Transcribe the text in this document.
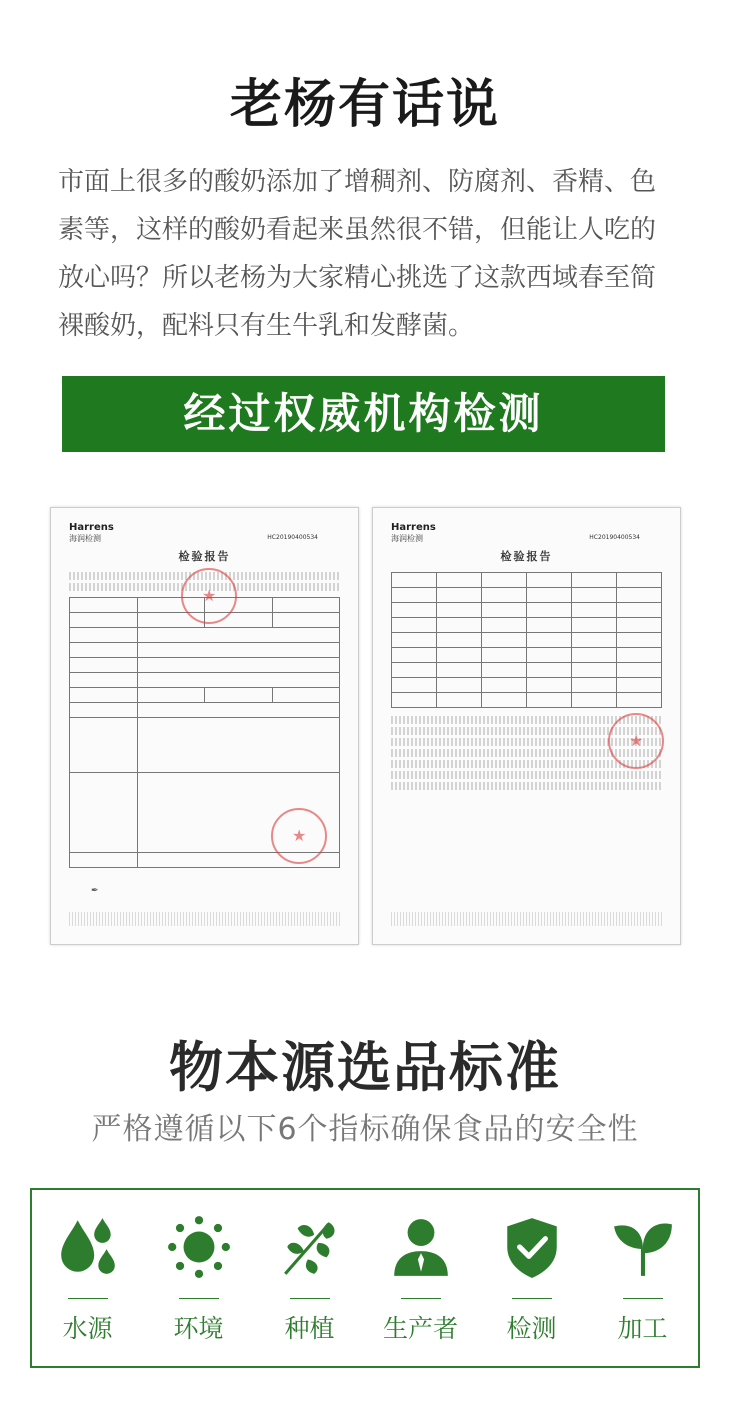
老杨有话说
市面上很多的酸奶添加了增稠剂、防腐剂、香精、色素等，这样的酸奶看起来虽然很不错，但能让人吃的放心吗？所以老杨为大家精心挑选了这款西域春至简裸酸奶，配料只有生牛乳和发酵菌。
经过权威机构检测
Harrens
海润检测	HC20190400534
检验报告

★
★
✒
Harrens
海润检测	HC20190400534
检验报告

★
物本源选品标准
严格遵循以下6个指标确保食品的安全性
水源	环境	种植	生产者	检测	加工
